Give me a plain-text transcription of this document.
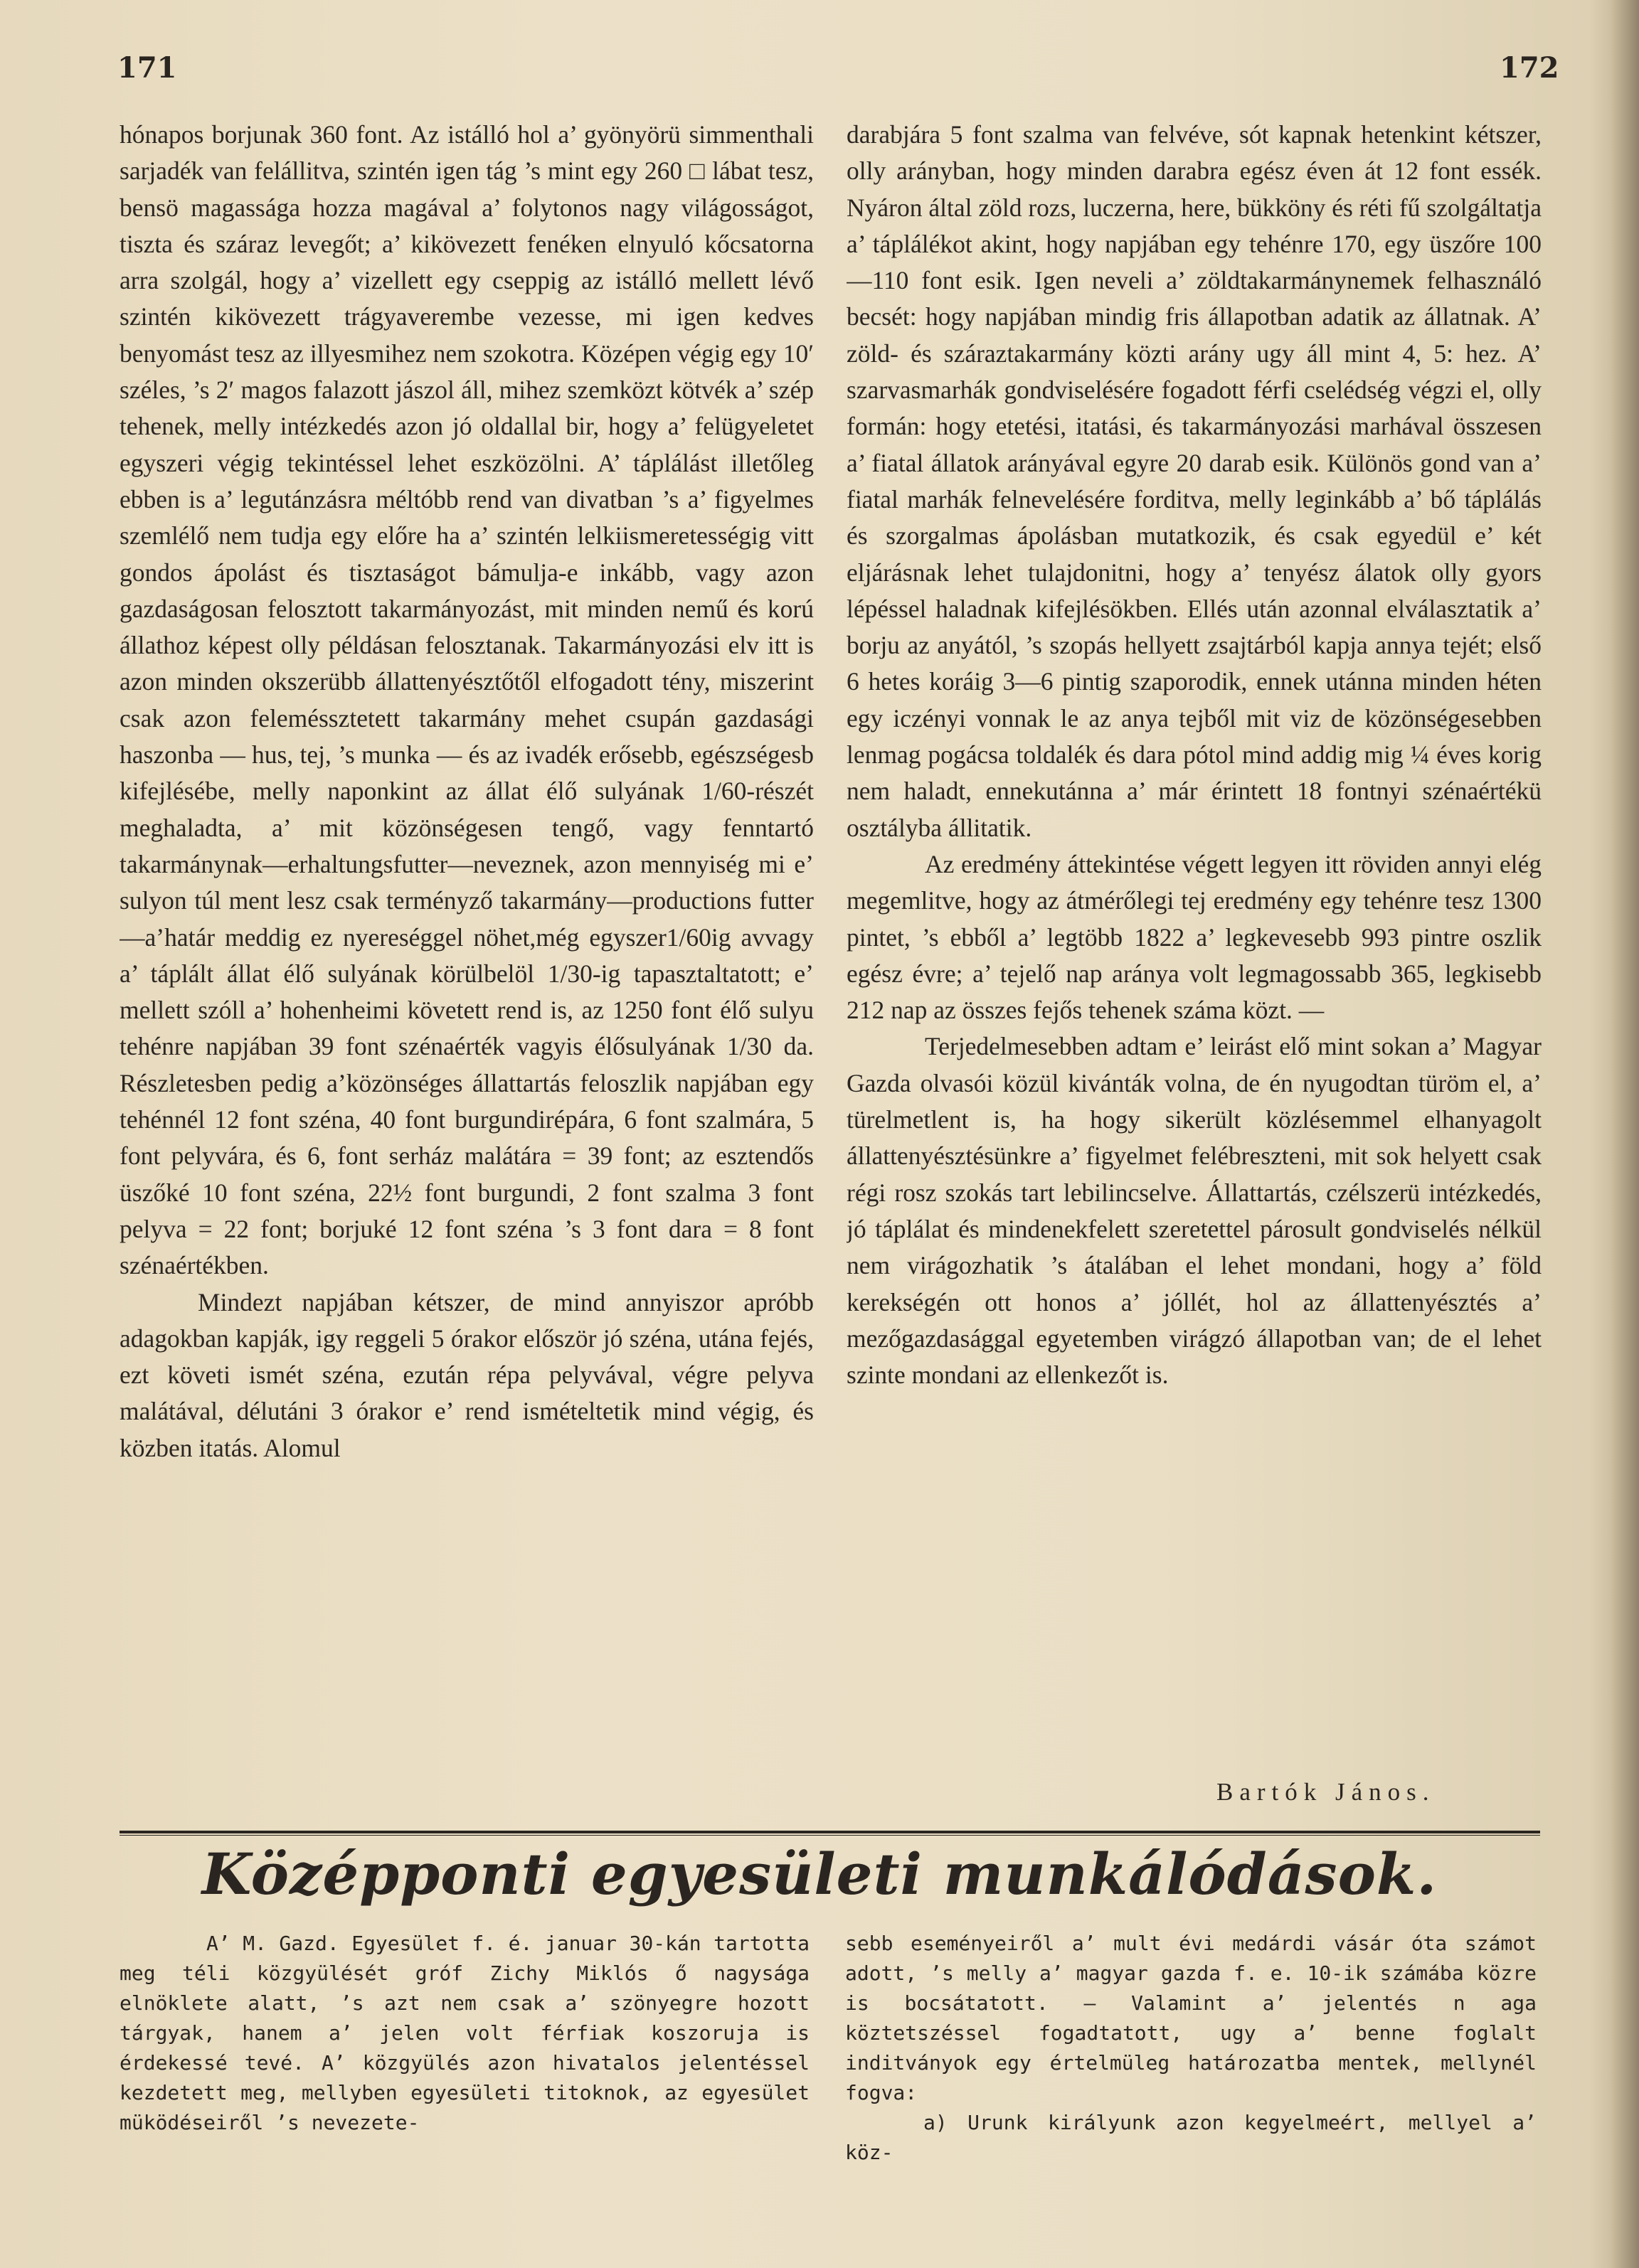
171	172

hónapos borjunak 360 font. Az istálló hol a’ gyönyörü simmenthali sarjadék van felállitva, szintén igen tág ’s mint egy 260 □ lábat tesz, bensö magassága hozza magával a’ folytonos nagy világosságot, tiszta és száraz levegőt; a’ kikövezett fenéken elnyuló kőcsatorna arra szolgál, hogy a’ vizellett egy cseppig az istálló mellett lévő szintén kikövezett trágyaverembe vezesse, mi igen kedves benyomást tesz az illyesmihez nem szokotra. Középen végig egy 10′ széles, ’s 2′ magos falazott jászol áll, mihez szemközt kötvék a’ szép tehenek, melly intézkedés azon jó oldallal bir, hogy a’ felügyeletet egyszeri végig tekintéssel lehet eszközölni. A’ táplálást illetőleg ebben is a’ legutánzásra méltóbb rend van divatban ’s a’ figyelmes szemlélő nem tudja egy előre ha a’ szintén lelkiismeretességig vitt gondos ápolást és tisztaságot bámulja-e inkább, vagy azon gazdaságosan felosztott takarmányozást, mit minden nemű és korú állathoz képest olly példásan felosztanak. Takarmányozási elv itt is azon minden okszerübb állattenyésztőtől elfogadott tény, miszerint csak azon feleméssztetett takarmány mehet csupán gazdasági haszonba — hus, tej, ’s munka — és az ivadék erősebb, egészségesb kifejlésébe, melly naponkint az állat élő sulyának 1/60-részét meghaladta, a’ mit közönségesen tengő, vagy fenntartó takarmánynak—erhaltungsfutter—neveznek, azon mennyiség mi e’ sulyon túl ment lesz csak terményző takarmány—productions futter—a’határ meddig ez nyereséggel nöhet,még egyszer1/60ig avvagy a’ táplált állat élő sulyának körülbelöl 1/30-ig tapasztaltatott; e’ mellett szóll a’ hohenheimi követett rend is, az 1250 font élő sulyu tehénre napjában 39 font szénaérték vagyis élősulyának 1/30 da. Részletesben pedig a’közönséges állattartás feloszlik napjában egy tehénnél 12 font széna, 40 font burgundirépára, 6 font szalmára, 5 font pelyvára, és 6, font serház malátára = 39 font; az esztendős üszőké 10 font széna, 22½ font burgundi, 2 font szalma 3 font pelyva = 22 font; borjuké 12 font széna ’s 3 font dara = 8 font szénaértékben.

Mindezt napjában kétszer, de mind annyiszor apróbb adagokban kapják, igy reggeli 5 órakor először jó széna, utána fejés, ezt követi ismét széna, ezután répa pelyvával, végre pelyva malátával, délutáni 3 órakor e’ rend ismételtetik mind végig, és közben itatás. Alomul

darabjára 5 font szalma van felvéve, sót kapnak hetenkint kétszer, olly arányban, hogy minden darabra egész éven át 12 font essék. Nyáron által zöld rozs, luczerna, here, bükköny és réti fű szolgáltatja a’ táplálékot akint, hogy napjában egy tehénre 170, egy üszőre 100—110 font esik. Igen neveli a’ zöldtakarmánynemek felhasználó becsét: hogy napjában mindig fris állapotban adatik az állatnak. A’ zöld- és száraztakarmány közti arány ugy áll mint 4, 5: hez. A’ szarvasmarhák gondviselésére fogadott férfi cselédség végzi el, olly formán: hogy etetési, itatási, és takarmányozási marhával összesen a’ fiatal állatok arányával egyre 20 darab esik. Különös gond van a’ fiatal marhák felnevelésére forditva, melly leginkább a’ bő táplálás és szorgalmas ápolásban mutatkozik, és csak egyedül e’ két eljárásnak lehet tulajdonitni, hogy a’ tenyész álatok olly gyors lépéssel haladnak kifejlésökben. Ellés után azonnal elválasztatik a’ borju az anyától, ’s szopás hellyett zsajtárból kapja annya tejét; első 6 hetes koráig 3—6 pintig szaporodik, ennek utánna minden héten egy iczényi vonnak le az anya tejből mit viz de közönségesebben lenmag pogácsa toldalék és dara pótol mind addig mig ¼ éves korig nem haladt, ennekutánna a’ már érintett 18 fontnyi szénaértékü osztályba állitatik.

Az eredmény áttekintése végett legyen itt röviden annyi elég megemlitve, hogy az átmérőlegi tej eredmény egy tehénre tesz 1300 pintet, ’s ebből a’ legtöbb 1822 a’ legkevesebb 993 pintre oszlik egész évre; a’ tejelő nap aránya volt legmagossabb 365, legkisebb 212 nap az összes fejős tehenek száma közt. —

Terjedelmesebben adtam e’ leirást elő mint sokan a’ Magyar Gazda olvasói közül kivánták volna, de én nyugodtan türöm el, a’ türelmetlent is, ha hogy sikerült közlésemmel elhanyagolt állattenyésztésünkre a’ figyelmet felébreszteni, mit sok helyett csak régi rosz szokás tart lebilincselve. Állattartás, czélszerü intézkedés, jó táplálat és mindenekfelett szeretettel párosult gondviselés nélkül nem virágozhatik ’s átalában el lehet mondani, hogy a’ föld kerekségén ott honos a’ jóllét, hol az állattenyésztés a’ mezőgazdasággal egyetemben virágzó állapotban van; de el lehet szinte mondani az ellenkezőt is.

Bartók János.
Középponti egyesületi munkálódások.

A’ M. Gazd. Egyesület f. é. januar 30-kán tartotta meg téli közgyülését gróf Zichy Miklós ő nagysága elnöklete alatt, ’s azt nem csak a’ szönyegre hozott tárgyak, hanem a’ jelen volt férfiak koszoruja is érdekessé tevé. A’ közgyülés azon hivatalos jelentéssel kezdetett meg, mellyben egyesületi titoknok, az egyesület müködéseiről ’s nevezete-

sebb eseményeiről a’ mult évi medárdi vásár óta számot adott, ’s melly a’ magyar gazda f. e. 10-ik számába közre is bocsátatott. — Valamint a’ jelentés n aga köztetszéssel fogadtatott, ugy a’ benne foglalt inditványok egy értelmüleg határozatba mentek, mellynél fogva:

a) Urunk királyunk azon kegyelmeért, mellyel a’ köz-
